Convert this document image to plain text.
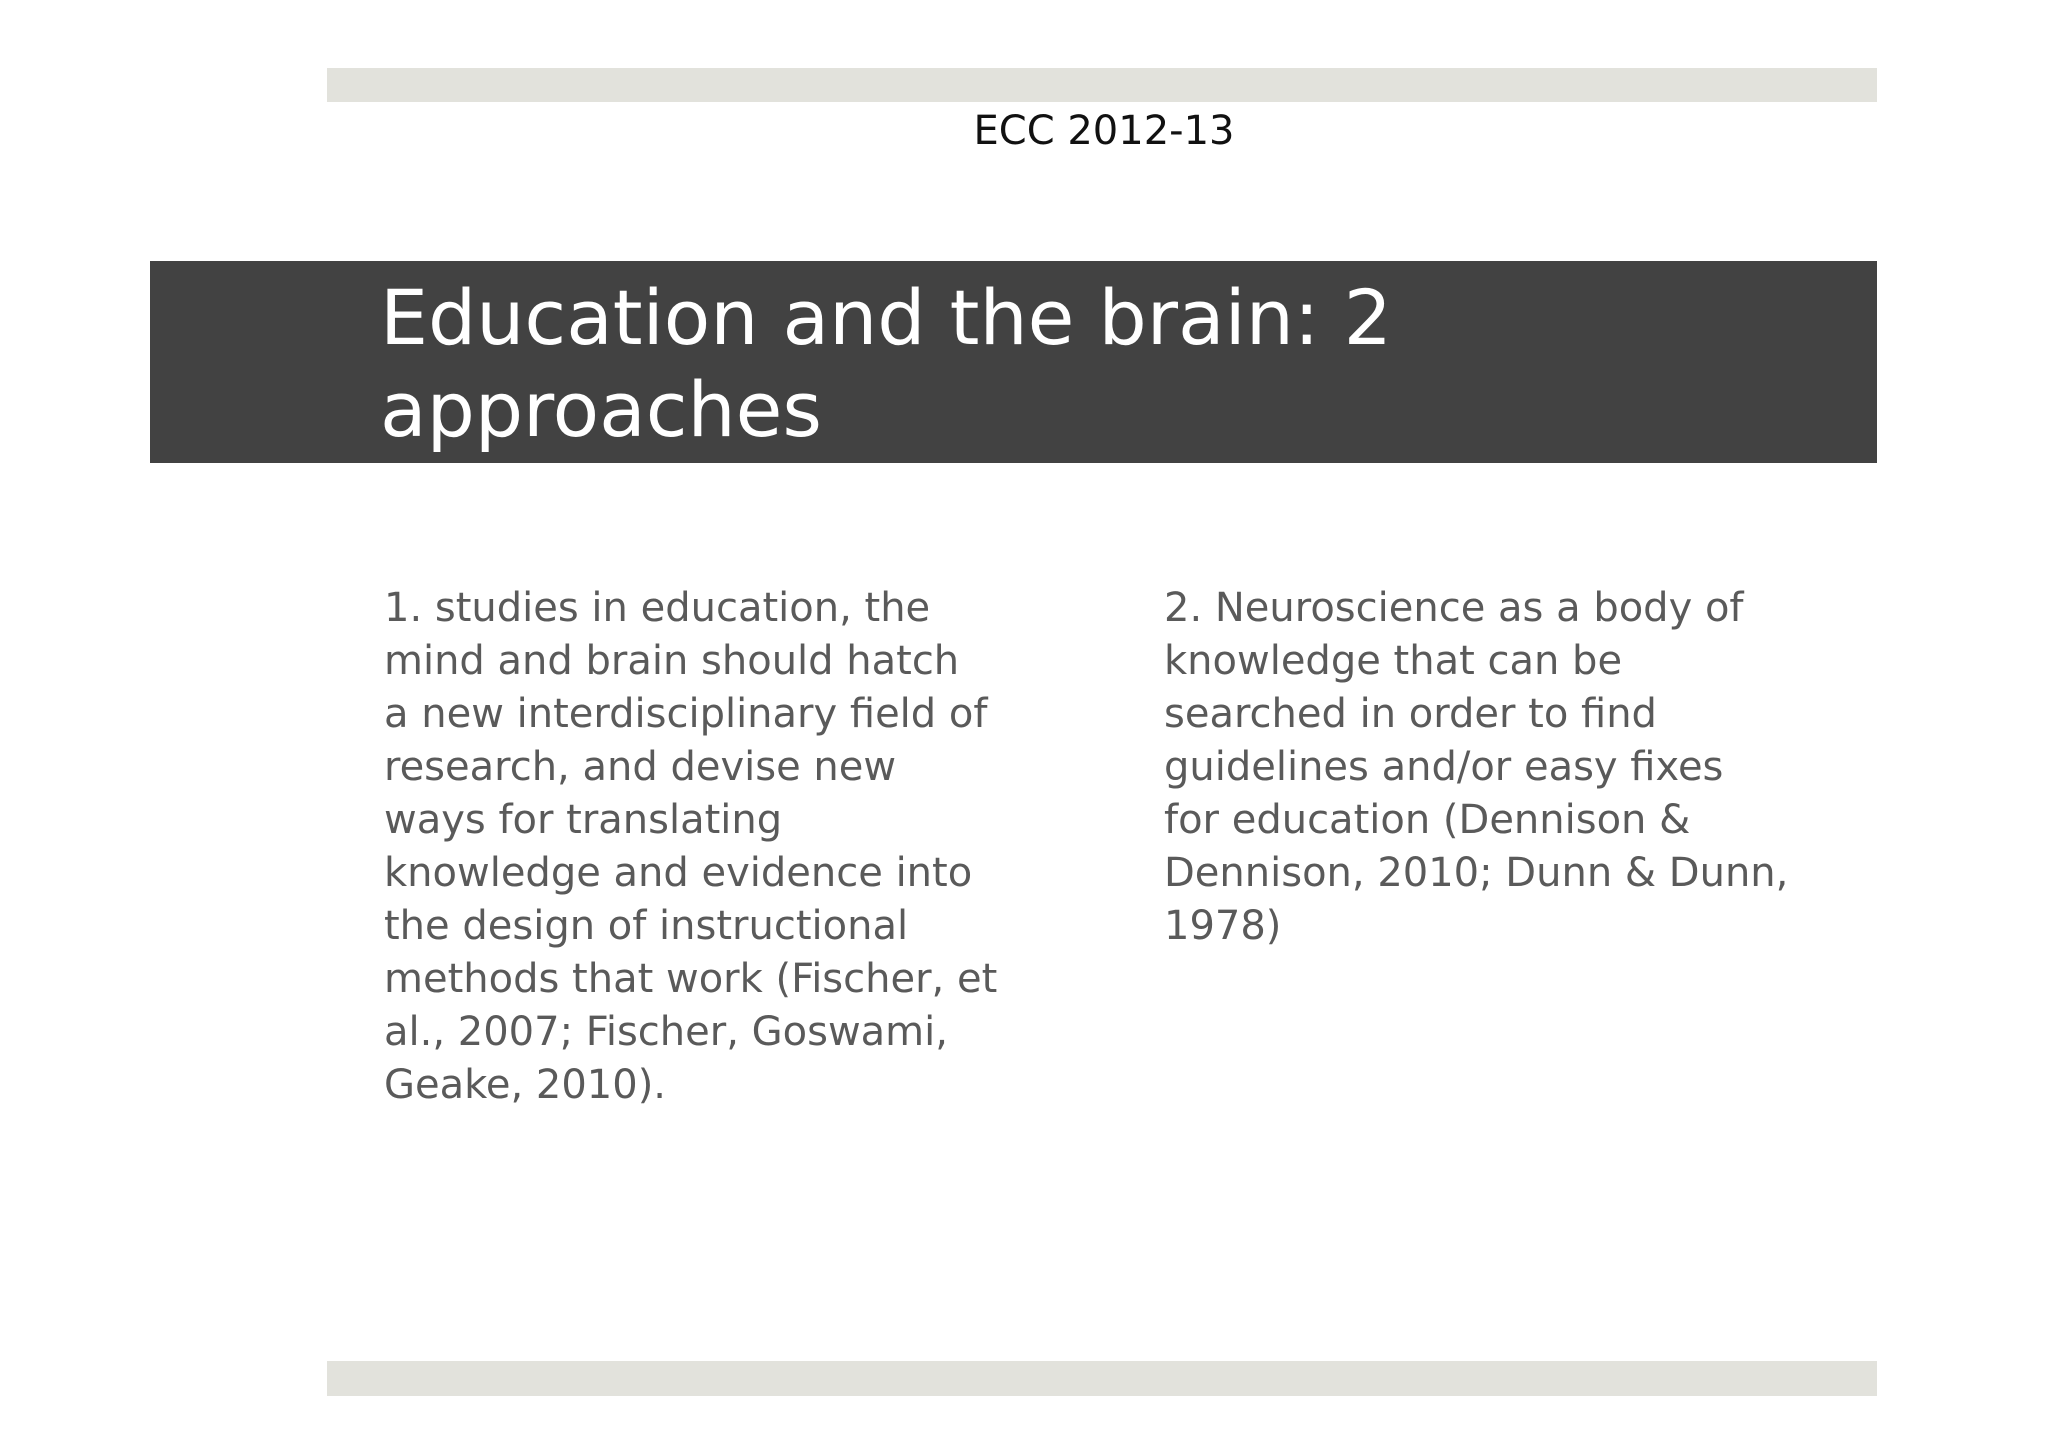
ECC 2012-13
Education and the brain: 2
approaches

1. studies in education, the
mind and brain should hatch
a new interdisciplinary field of
research, and devise new
ways for translating
knowledge and evidence into
the design of instructional
methods that work (Fischer, et
al., 2007; Fischer, Goswami,
Geake, 2010).

2. Neuroscience as a body of
knowledge that can be
searched in order to find
guidelines and/or easy fixes
for education (Dennison &
Dennison, 2010; Dunn & Dunn,
1978)
